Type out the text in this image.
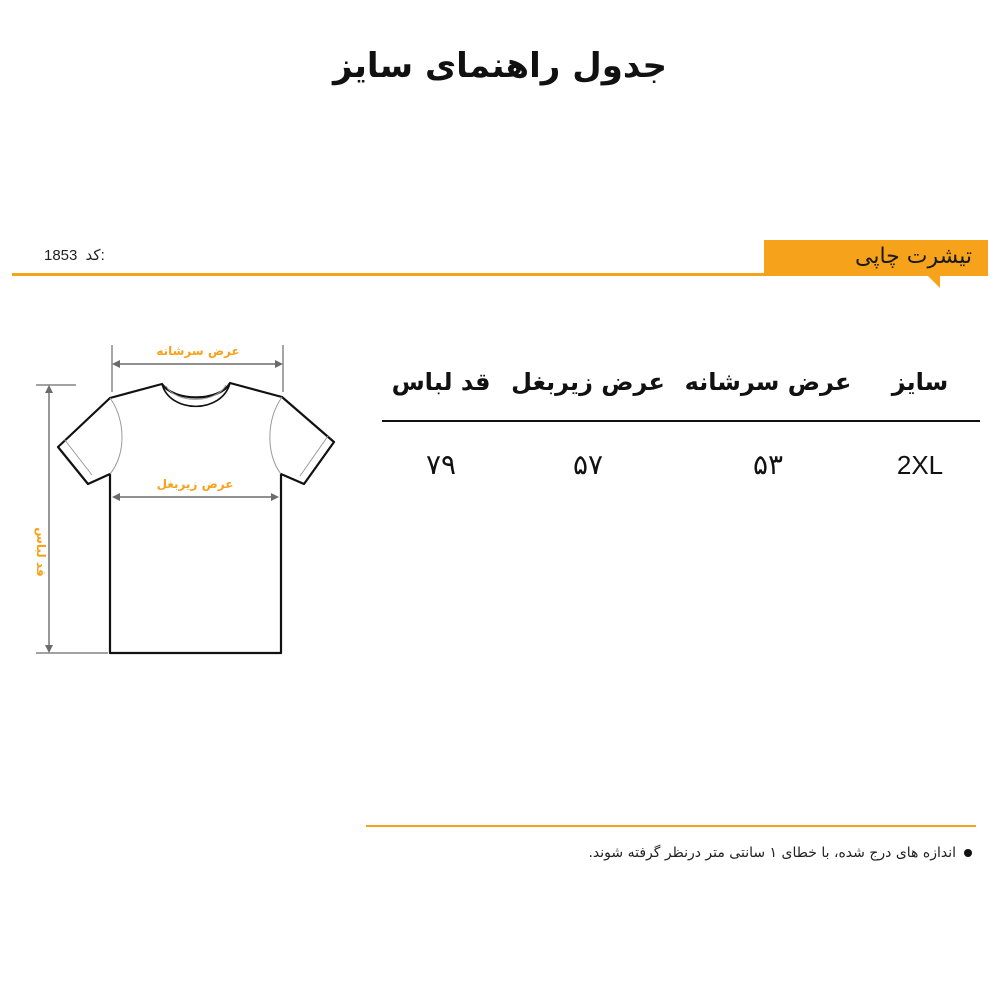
جدول راهنمای سایز
1853 کد:	تیشرت چاپی
عرض سرشانه
قد لباس
عرض زیربغل
سایز
عرض سرشانه
عرض زیربغل
قد لباس
2XL
۵۳
۵۷
۷۹
اندازه های درج شده، با خطای ۱ سانتی متر درنظر گرفته شوند.
